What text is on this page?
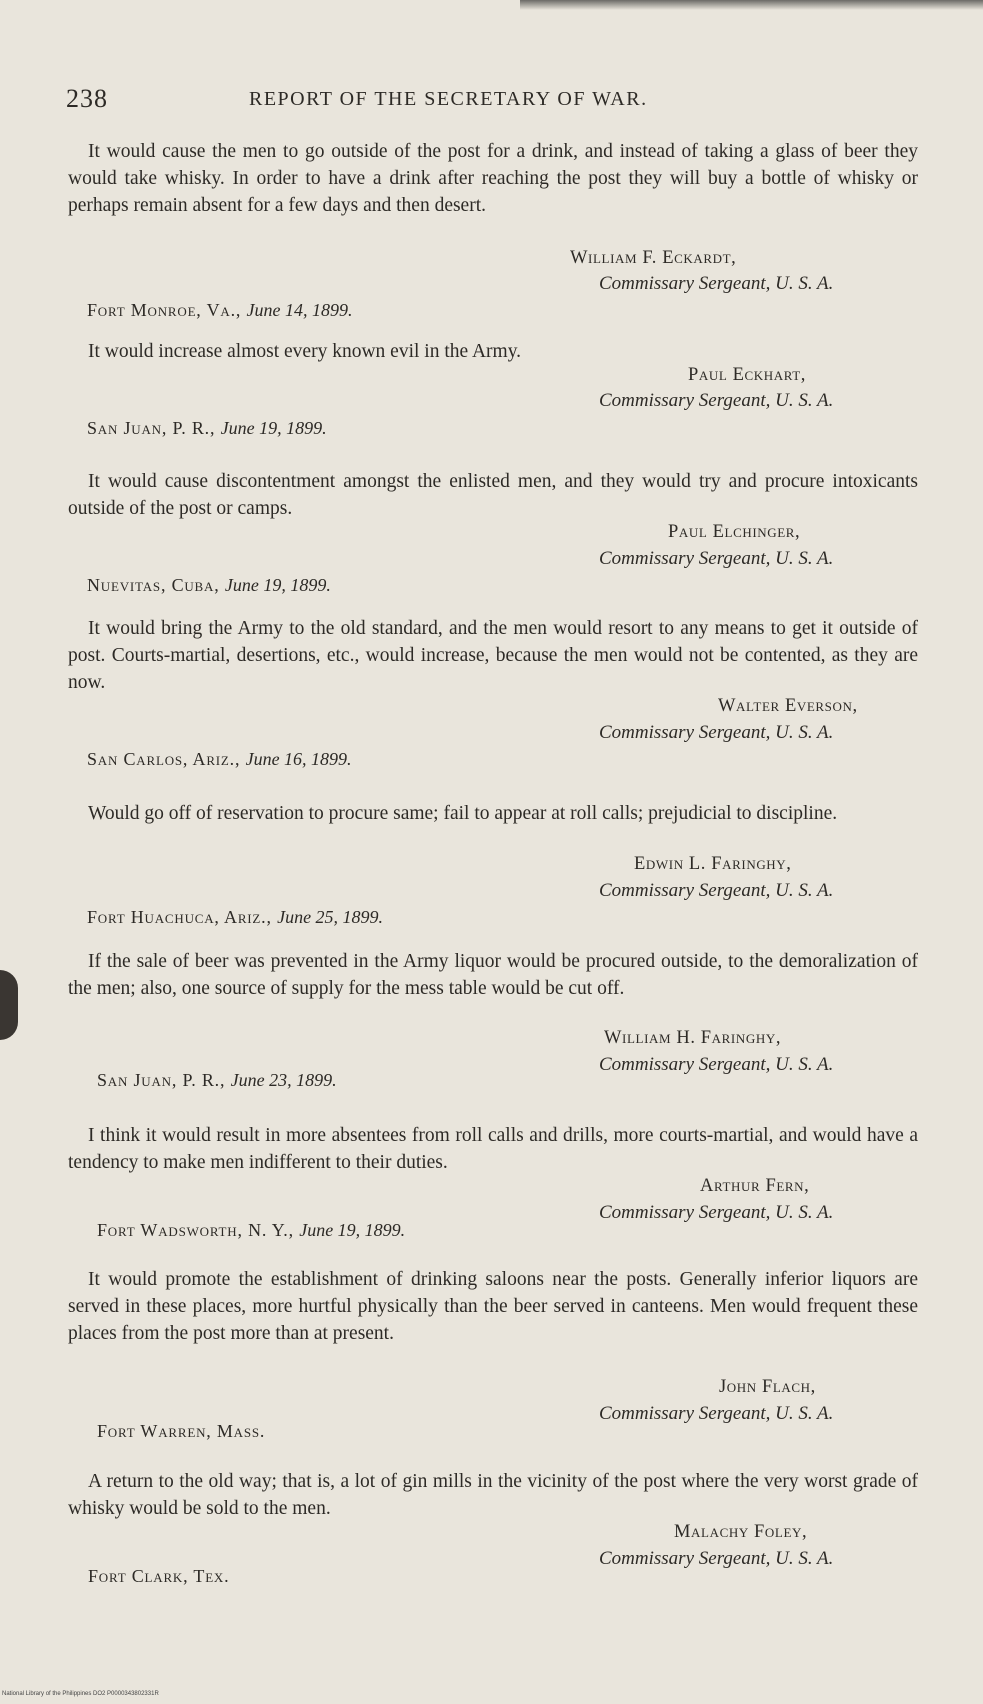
238	REPORT OF THE SECRETARY OF WAR.

It would cause the men to go outside of the post for a drink, and instead of taking a glass of beer they would take whisky. In order to have a drink after reaching the post they will buy a bottle of whisky or perhaps remain absent for a few days and then desert.

William F. Eckardt,
Commissary Sergeant, U. S. A.
Fort Monroe, Va., June 14, 1899.

It would increase almost every known evil in the Army.

Paul Eckhart,
Commissary Sergeant, U. S. A.
San Juan, P. R., June 19, 1899.

It would cause discontentment amongst the enlisted men, and they would try and procure intoxicants outside of the post or camps.

Paul Elchinger,
Commissary Sergeant, U. S. A.
Nuevitas, Cuba, June 19, 1899.

It would bring the Army to the old standard, and the men would resort to any means to get it outside of post. Courts-martial, desertions, etc., would increase, because the men would not be contented, as they are now.

Walter Everson,
Commissary Sergeant, U. S. A.
San Carlos, Ariz., June 16, 1899.

Would go off of reservation to procure same; fail to appear at roll calls; prejudicial to discipline.

Edwin L. Faringhy,
Commissary Sergeant, U. S. A.
Fort Huachuca, Ariz., June 25, 1899.

If the sale of beer was prevented in the Army liquor would be procured outside, to the demoralization of the men; also, one source of supply for the mess table would be cut off.

William H. Faringhy,
Commissary Sergeant, U. S. A.
San Juan, P. R., June 23, 1899.

I think it would result in more absentees from roll calls and drills, more courts-martial, and would have a tendency to make men indifferent to their duties.

Arthur Fern,
Commissary Sergeant, U. S. A.
Fort Wadsworth, N. Y., June 19, 1899.

It would promote the establishment of drinking saloons near the posts. Generally inferior liquors are served in these places, more hurtful physically than the beer served in canteens. Men would frequent these places from the post more than at present.

John Flach,
Commissary Sergeant, U. S. A.
Fort Warren, Mass.

A return to the old way; that is, a lot of gin mills in the vicinity of the post where the very worst grade of whisky would be sold to the men.

Malachy Foley,
Commissary Sergeant, U. S. A.
Fort Clark, Tex.
National Library of the Philippines DO2 P0000343802331R
